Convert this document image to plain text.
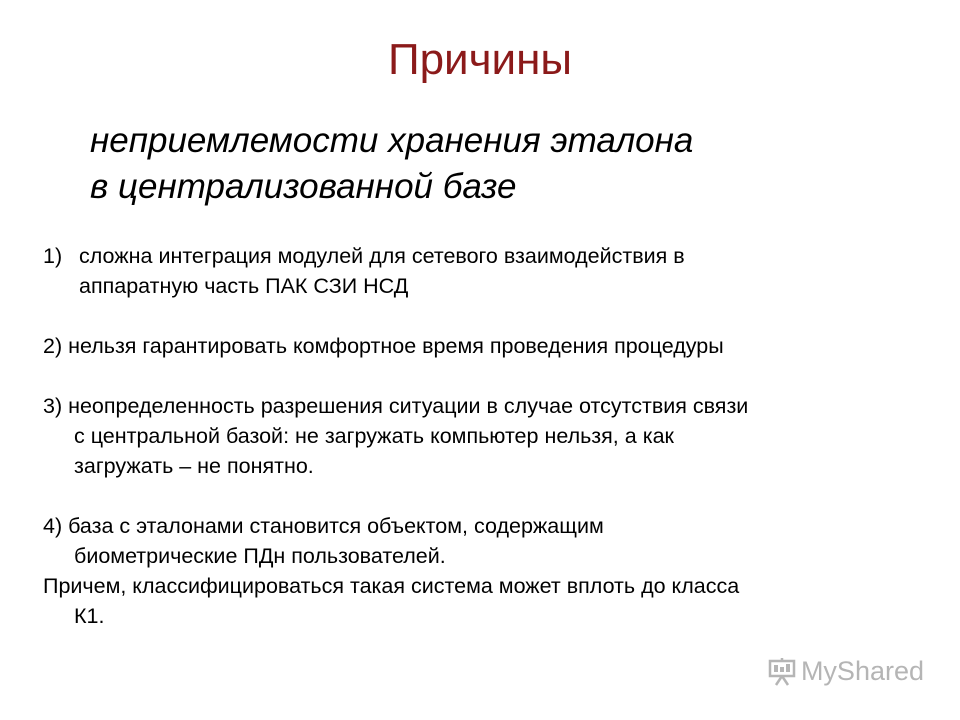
Причины
неприемлемости хранения эталона
в централизованной базе
1) сложна интеграция модулей для сетевого взаимодействия в
аппаратную часть ПАК СЗИ НСД
2) нельзя гарантировать комфортное время проведения процедуры
3) неопределенность разрешения ситуации в случае отсутствия связи
с центральной базой: не загружать компьютер нельзя, а как
загружать – не понятно.
4) база с эталонами становится объектом, содержащим
биометрические ПДн пользователей.
Причем, классифицироваться такая система может вплоть до класса
К1.
MyShared
